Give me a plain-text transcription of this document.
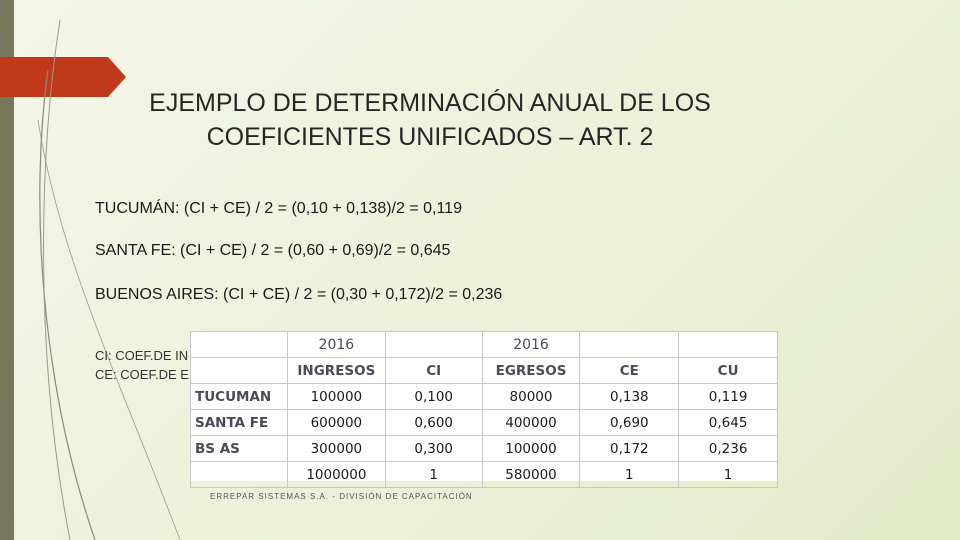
EJEMPLO DE DETERMINACIÓN ANUAL DE LOS
COEFICIENTES UNIFICADOS – ART. 2
TUCUMÁN: (CI + CE) / 2 = (0,10 + 0,138)/2 = 0,119
SANTA FE: (CI + CE) / 2 = (0,60 + 0,69)/2 = 0,645
BUENOS AIRES: (CI + CE) / 2 = (0,30 + 0,172)/2 = 0,236
CI: COEF.DE IN
CE: COEF.DE E
	2016		2016		
	INGRESOS	CI	EGRESOS	CE	CU
TUCUMAN	100000	0,100	80000	0,138	0,119
SANTA FE	600000	0,600	400000	0,690	0,645
BS AS	300000	0,300	100000	0,172	0,236
	1000000	1	580000	1	1
ERREPAR SISTEMAS S.A. - DIVISIÓN DE CAPACITACIÓN
